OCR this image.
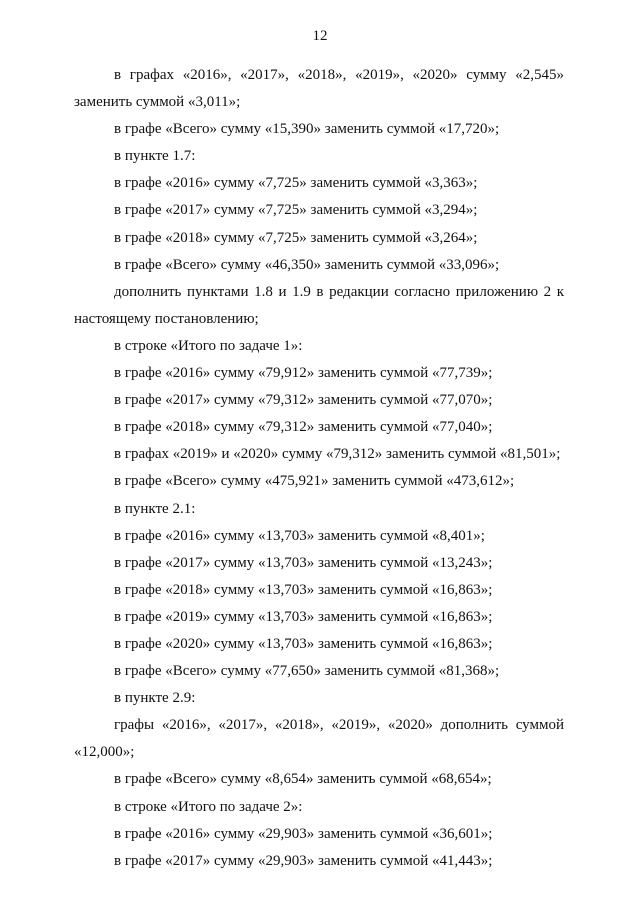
12

в графах «2016», «2017», «2018», «2019», «2020» сумму «2,545» заменить суммой «3,011»;

в графе «Всего» сумму «15,390» заменить суммой «17,720»;

в пункте 1.7:

в графе «2016» сумму «7,725» заменить суммой «3,363»;

в графе «2017» сумму «7,725» заменить суммой «3,294»;

в графе «2018» сумму «7,725» заменить суммой «3,264»;

в графе «Всего» сумму «46,350» заменить суммой «33,096»;

дополнить пунктами 1.8 и 1.9 в редакции согласно приложению 2 к настоящему постановлению;

в строке «Итого по задаче 1»:

в графе «2016» сумму «79,912» заменить суммой «77,739»;

в графе «2017» сумму «79,312» заменить суммой «77,070»;

в графе «2018» сумму «79,312» заменить суммой «77,040»;

в графах «2019» и «2020» сумму «79,312» заменить суммой «81,501»;

в графе «Всего» сумму «475,921» заменить суммой «473,612»;

в пункте 2.1:

в графе «2016» сумму «13,703» заменить суммой «8,401»;

в графе «2017» сумму «13,703» заменить суммой «13,243»;

в графе «2018» сумму «13,703» заменить суммой «16,863»;

в графе «2019» сумму «13,703» заменить суммой «16,863»;

в графе «2020» сумму «13,703» заменить суммой «16,863»;

в графе «Всего» сумму «77,650» заменить суммой «81,368»;

в пункте 2.9:

графы «2016», «2017», «2018», «2019», «2020» дополнить суммой «12,000»;

в графе «Всего» сумму «8,654» заменить суммой «68,654»;

в строке «Итого по задаче 2»:

в графе «2016» сумму «29,903» заменить суммой «36,601»;

в графе «2017» сумму «29,903» заменить суммой «41,443»;
